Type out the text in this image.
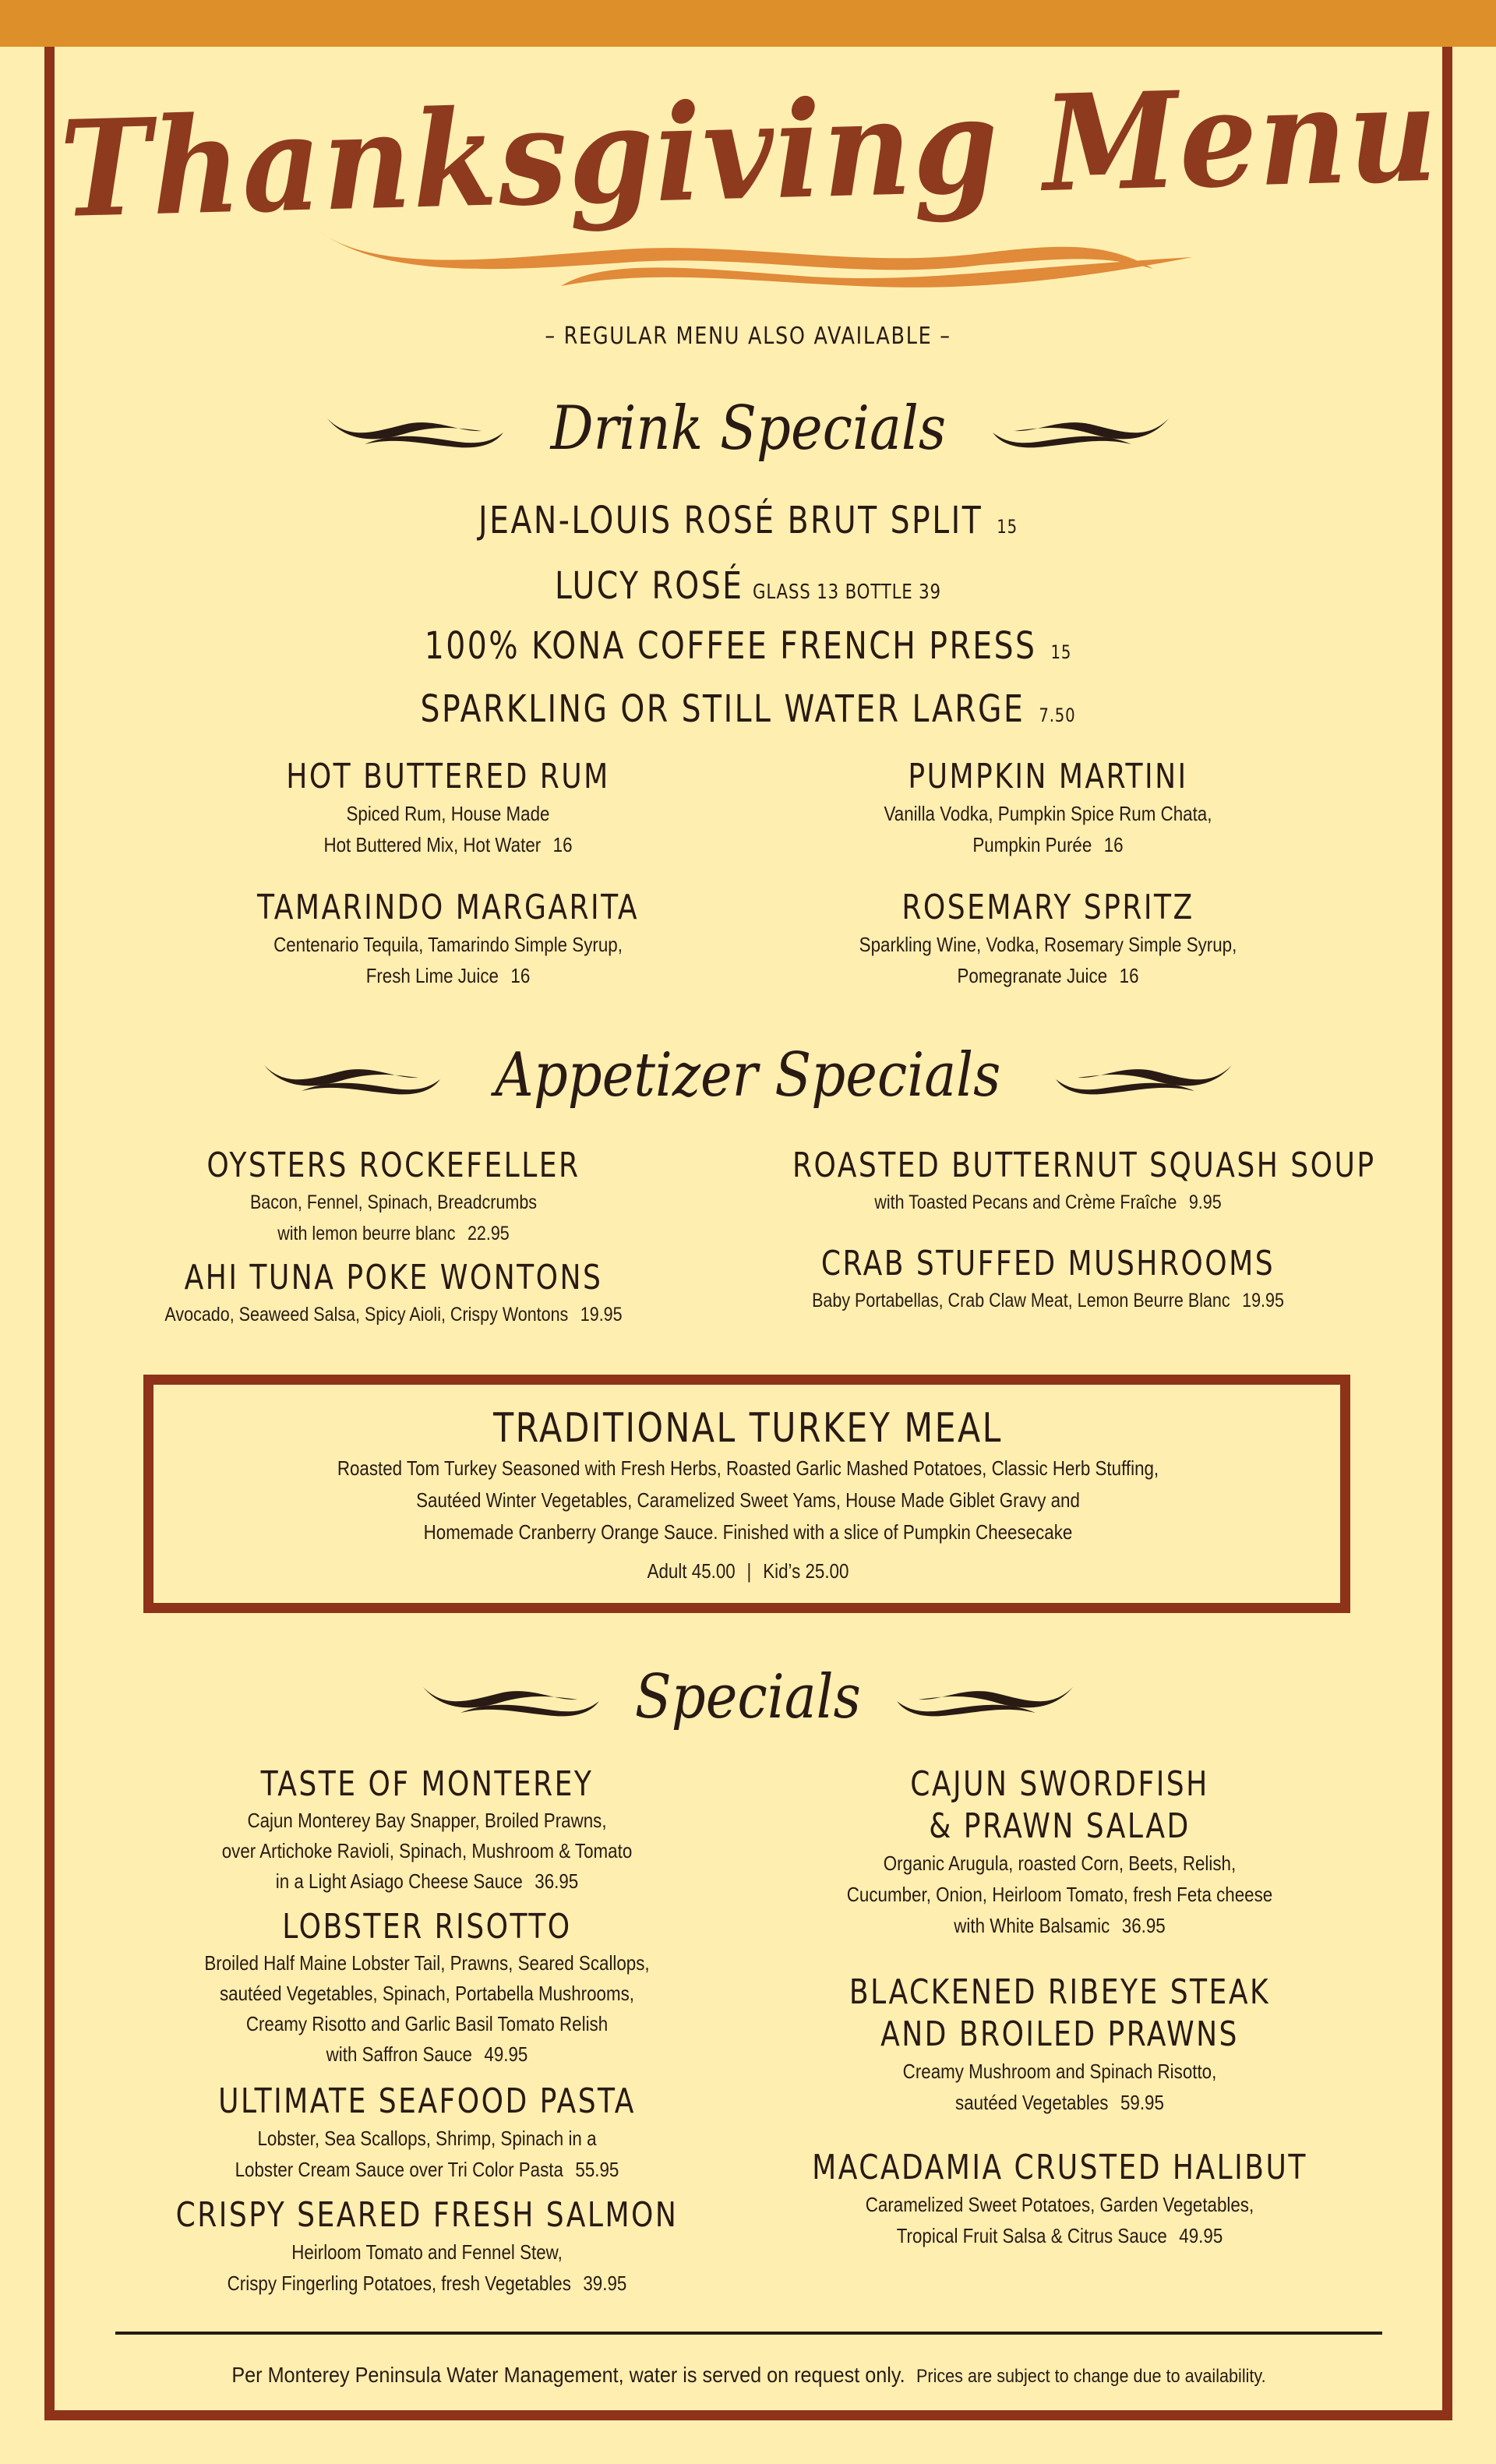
Thanksgiving Menu
– REGULAR MENU ALSO AVAILABLE –
Drink Specials
JEAN-LOUIS ROSÉ BRUT SPLIT 15
LUCY ROSÉ GLASS 13 BOTTLE 39
100% KONA COFFEE FRENCH PRESS 15
SPARKLING OR STILL WATER LARGE 7.50
HOT BUTTERED RUM
Spiced Rum, House Made
Hot Buttered Mix, Hot Water 16
PUMPKIN MARTINI
Vanilla Vodka, Pumpkin Spice Rum Chata,
Pumpkin Purée 16
TAMARINDO MARGARITA
Centenario Tequila, Tamarindo Simple Syrup,
Fresh Lime Juice 16
ROSEMARY SPRITZ
Sparkling Wine, Vodka, Rosemary Simple Syrup,
Pomegranate Juice 16
Appetizer Specials
OYSTERS ROCKEFELLER
Bacon, Fennel, Spinach, Breadcrumbs
with lemon beurre blanc 22.95
AHI TUNA POKE WONTONS
Avocado, Seaweed Salsa, Spicy Aioli, Crispy Wontons 19.95
ROASTED BUTTERNUT SQUASH SOUP
with Toasted Pecans and Crème Fraîche 9.95
CRAB STUFFED MUSHROOMS
Baby Portabellas, Crab Claw Meat, Lemon Beurre Blanc 19.95
TRADITIONAL TURKEY MEAL
Roasted Tom Turkey Seasoned with Fresh Herbs, Roasted Garlic Mashed Potatoes, Classic Herb Stuffing,
Sautéed Winter Vegetables, Caramelized Sweet Yams, House Made Giblet Gravy and
Homemade Cranberry Orange Sauce. Finished with a slice of Pumpkin Cheesecake
Adult 45.00 | Kid’s 25.00
Specials
TASTE OF MONTEREY
Cajun Monterey Bay Snapper, Broiled Prawns,
over Artichoke Ravioli, Spinach, Mushroom & Tomato
in a Light Asiago Cheese Sauce 36.95
LOBSTER RISOTTO
Broiled Half Maine Lobster Tail, Prawns, Seared Scallops,
sautéed Vegetables, Spinach, Portabella Mushrooms,
Creamy Risotto and Garlic Basil Tomato Relish
with Saffron Sauce 49.95
ULTIMATE SEAFOOD PASTA
Lobster, Sea Scallops, Shrimp, Spinach in a
Lobster Cream Sauce over Tri Color Pasta 55.95
CRISPY SEARED FRESH SALMON
Heirloom Tomato and Fennel Stew,
Crispy Fingerling Potatoes, fresh Vegetables 39.95
CAJUN SWORDFISH
& PRAWN SALAD
Organic Arugula, roasted Corn, Beets, Relish,
Cucumber, Onion, Heirloom Tomato, fresh Feta cheese
with White Balsamic 36.95
BLACKENED RIBEYE STEAK
AND BROILED PRAWNS
Creamy Mushroom and Spinach Risotto,
sautéed Vegetables 59.95
MACADAMIA CRUSTED HALIBUT
Caramelized Sweet Potatoes, Garden Vegetables,
Tropical Fruit Salsa & Citrus Sauce 49.95
Per Monterey Peninsula Water Management, water is served on request only. Prices are subject to change due to availability.
